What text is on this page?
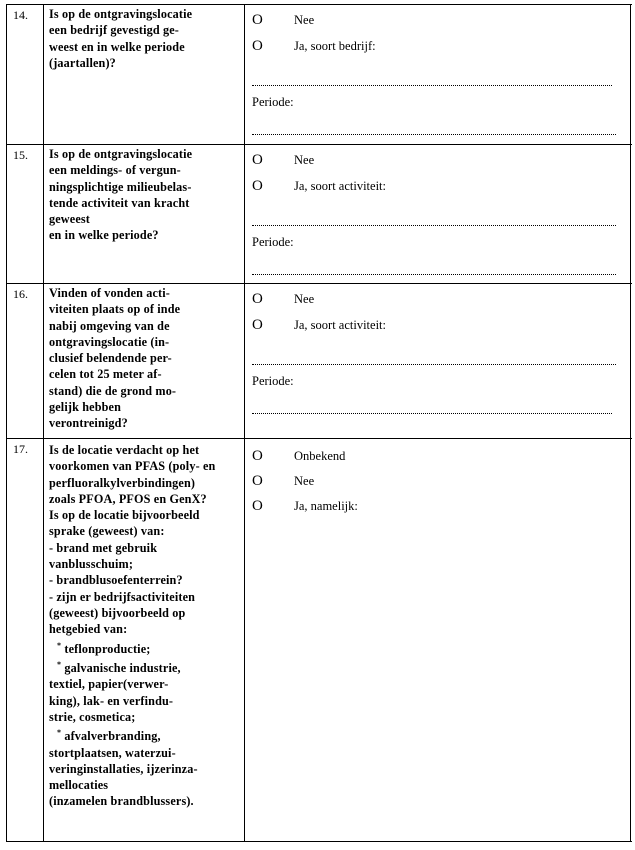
14.	Is op de ontgravingslocatie
een bedrijf gevestigd ge-
weest en in welke periode
(jaartallen)?
O Nee
O Ja, soort bedrijf:
Periode:
15.	Is op de ontgravingslocatie
een meldings- of vergun-
ningsplichtige milieubelas-
tende activiteit van kracht
geweest
en in welke periode?
O Nee
O Ja, soort activiteit:
Periode:
16.	Vinden of vonden acti-
viteiten plaats op of inde
nabij omgeving van de
ontgravingslocatie (in-
clusief belendende per-
celen tot 25 meter af-
stand) die de grond mo-
gelijk hebben
verontreinigd?
O Nee
O Ja, soort activiteit:
Periode:
17.	Is de locatie verdacht op het
voorkomen van PFAS (poly- en
perfluoralkylverbindingen)
zoals PFOA, PFOS en GenX?
Is op de locatie bijvoorbeeld
sprake (geweest) van:
- brand met gebruik
vanblusschuim;
- brandblusoefenterrein?
- zijn er bedrijfsactiviteiten
(geweest) bijvoorbeeld op
hetgebied van:
* teflonproductie;
* galvanische industrie,
textiel, papier(verwer-
king), lak- en verfindu-
strie, cosmetica;
* afvalverbranding,
stortplaatsen, waterzui-
veringinstallaties, ijzerinza-
mellocaties
(inzamelen brandblussers).
O Onbekend
O Nee
O Ja, namelijk:
